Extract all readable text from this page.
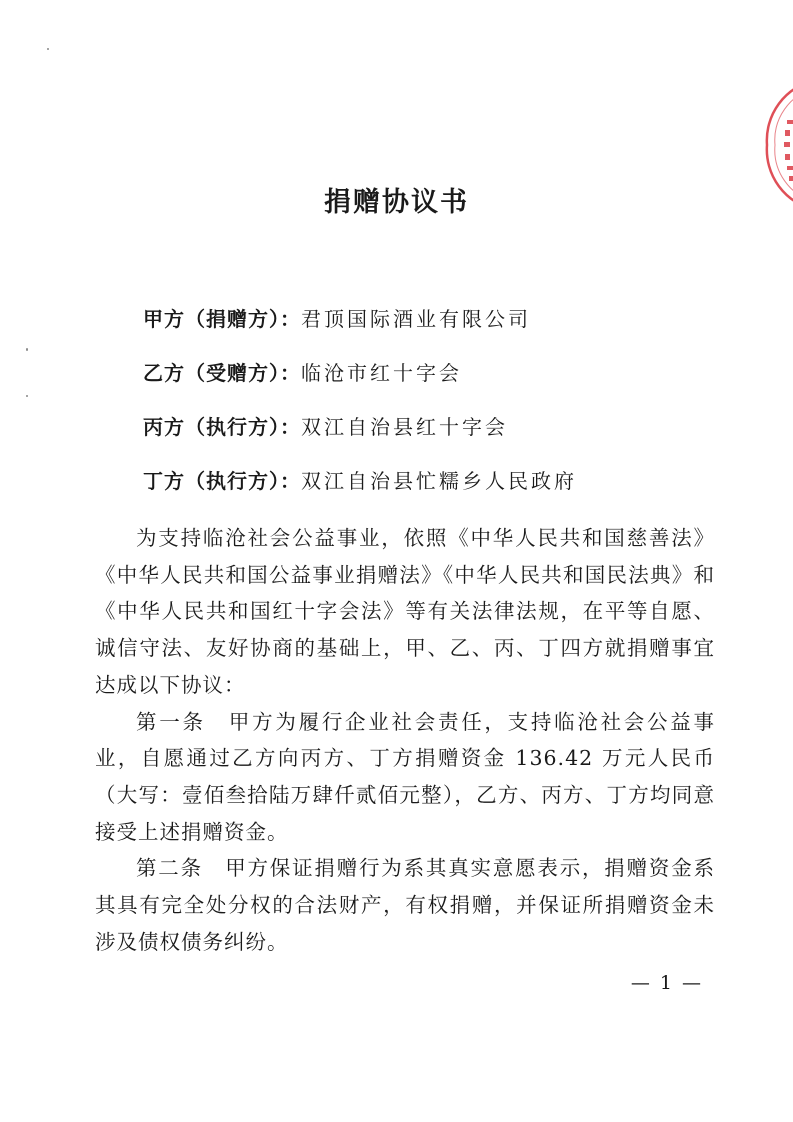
捐赠协议书
甲方（捐赠方）： 君顶国际酒业有限公司
乙方（受赠方）： 临沧市红十字会
丙方（执行方）： 双江自治县红十字会
丁方（执行方）： 双江自治县忙糯乡人民政府

为支持临沧社会公益事业，依照《中华人民共和国慈善法》《中华人民共和国公益事业捐赠法》《中华人民共和国民法典》和《中华人民共和国红十字会法》等有关法律法规，在平等自愿、诚信守法、友好协商的基础上，甲、乙、丙、丁四方就捐赠事宜达成以下协议：

第一条　甲方为履行企业社会责任，支持临沧社会公益事业，自愿通过乙方向丙方、丁方捐赠资金 136.42 万元人民币（大写：壹佰叁拾陆万肆仟贰佰元整），乙方、丙方、丁方均同意接受上述捐赠资金。

第二条　甲方保证捐赠行为系其真实意愿表示，捐赠资金系其具有完全处分权的合法财产，有权捐赠，并保证所捐赠资金未涉及债权债务纠纷。

— 1 —
